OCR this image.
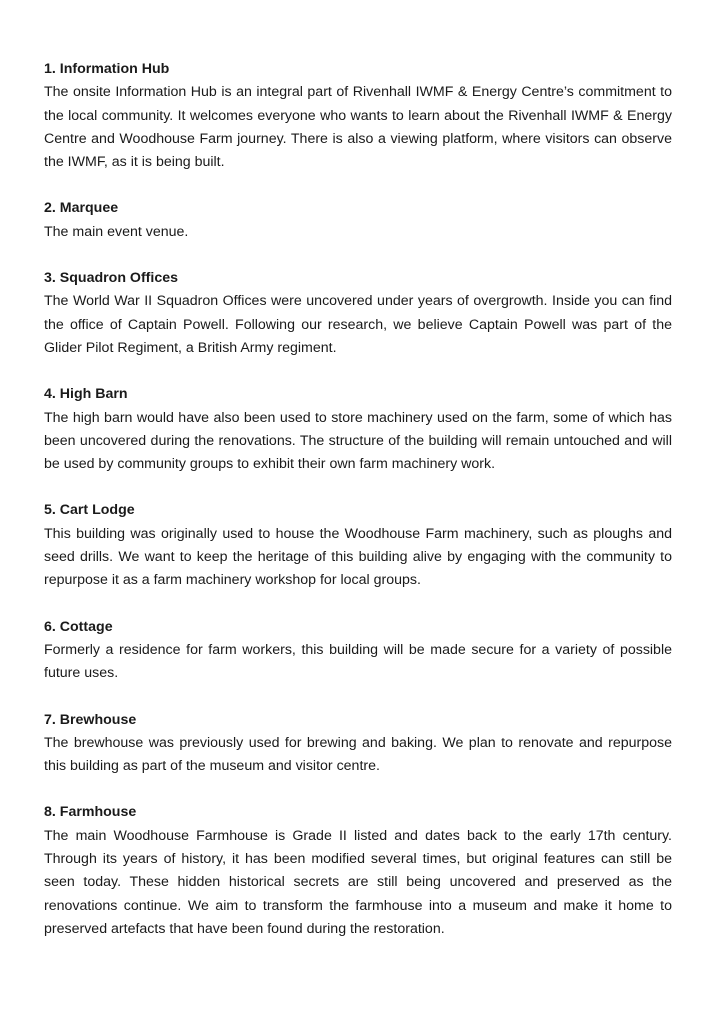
1. Information Hub

The onsite Information Hub is an integral part of Rivenhall IWMF & Energy Centre’s commitment to the local community. It welcomes everyone who wants to learn about the Rivenhall IWMF & Energy Centre and Woodhouse Farm journey. There is also a viewing platform, where visitors can observe the IWMF, as it is being built.

2. Marquee

The main event venue.

3. Squadron Offices

The World War II Squadron Offices were uncovered under years of overgrowth. Inside you can find the office of Captain Powell. Following our research, we believe Captain Powell was part of the Glider Pilot Regiment, a British Army regiment.

4. High Barn

The high barn would have also been used to store machinery used on the farm, some of which has been uncovered during the renovations. The structure of the building will remain untouched and will be used by community groups to exhibit their own farm machinery work.

5. Cart Lodge

This building was originally used to house the Woodhouse Farm machinery, such as ploughs and seed drills. We want to keep the heritage of this building alive by engaging with the community to repurpose it as a farm machinery workshop for local groups.

6. Cottage

Formerly a residence for farm workers, this building will be made secure for a variety of possible future uses.

7. Brewhouse

The brewhouse was previously used for brewing and baking. We plan to renovate and repurpose this building as part of the museum and visitor centre.

8. Farmhouse

The main Woodhouse Farmhouse is Grade II listed and dates back to the early 17th century. Through its years of history, it has been modified several times, but original features can still be seen today. These hidden historical secrets are still being uncovered and preserved as the renovations continue. We aim to transform the farmhouse into a museum and make it home to preserved artefacts that have been found during the restoration.
